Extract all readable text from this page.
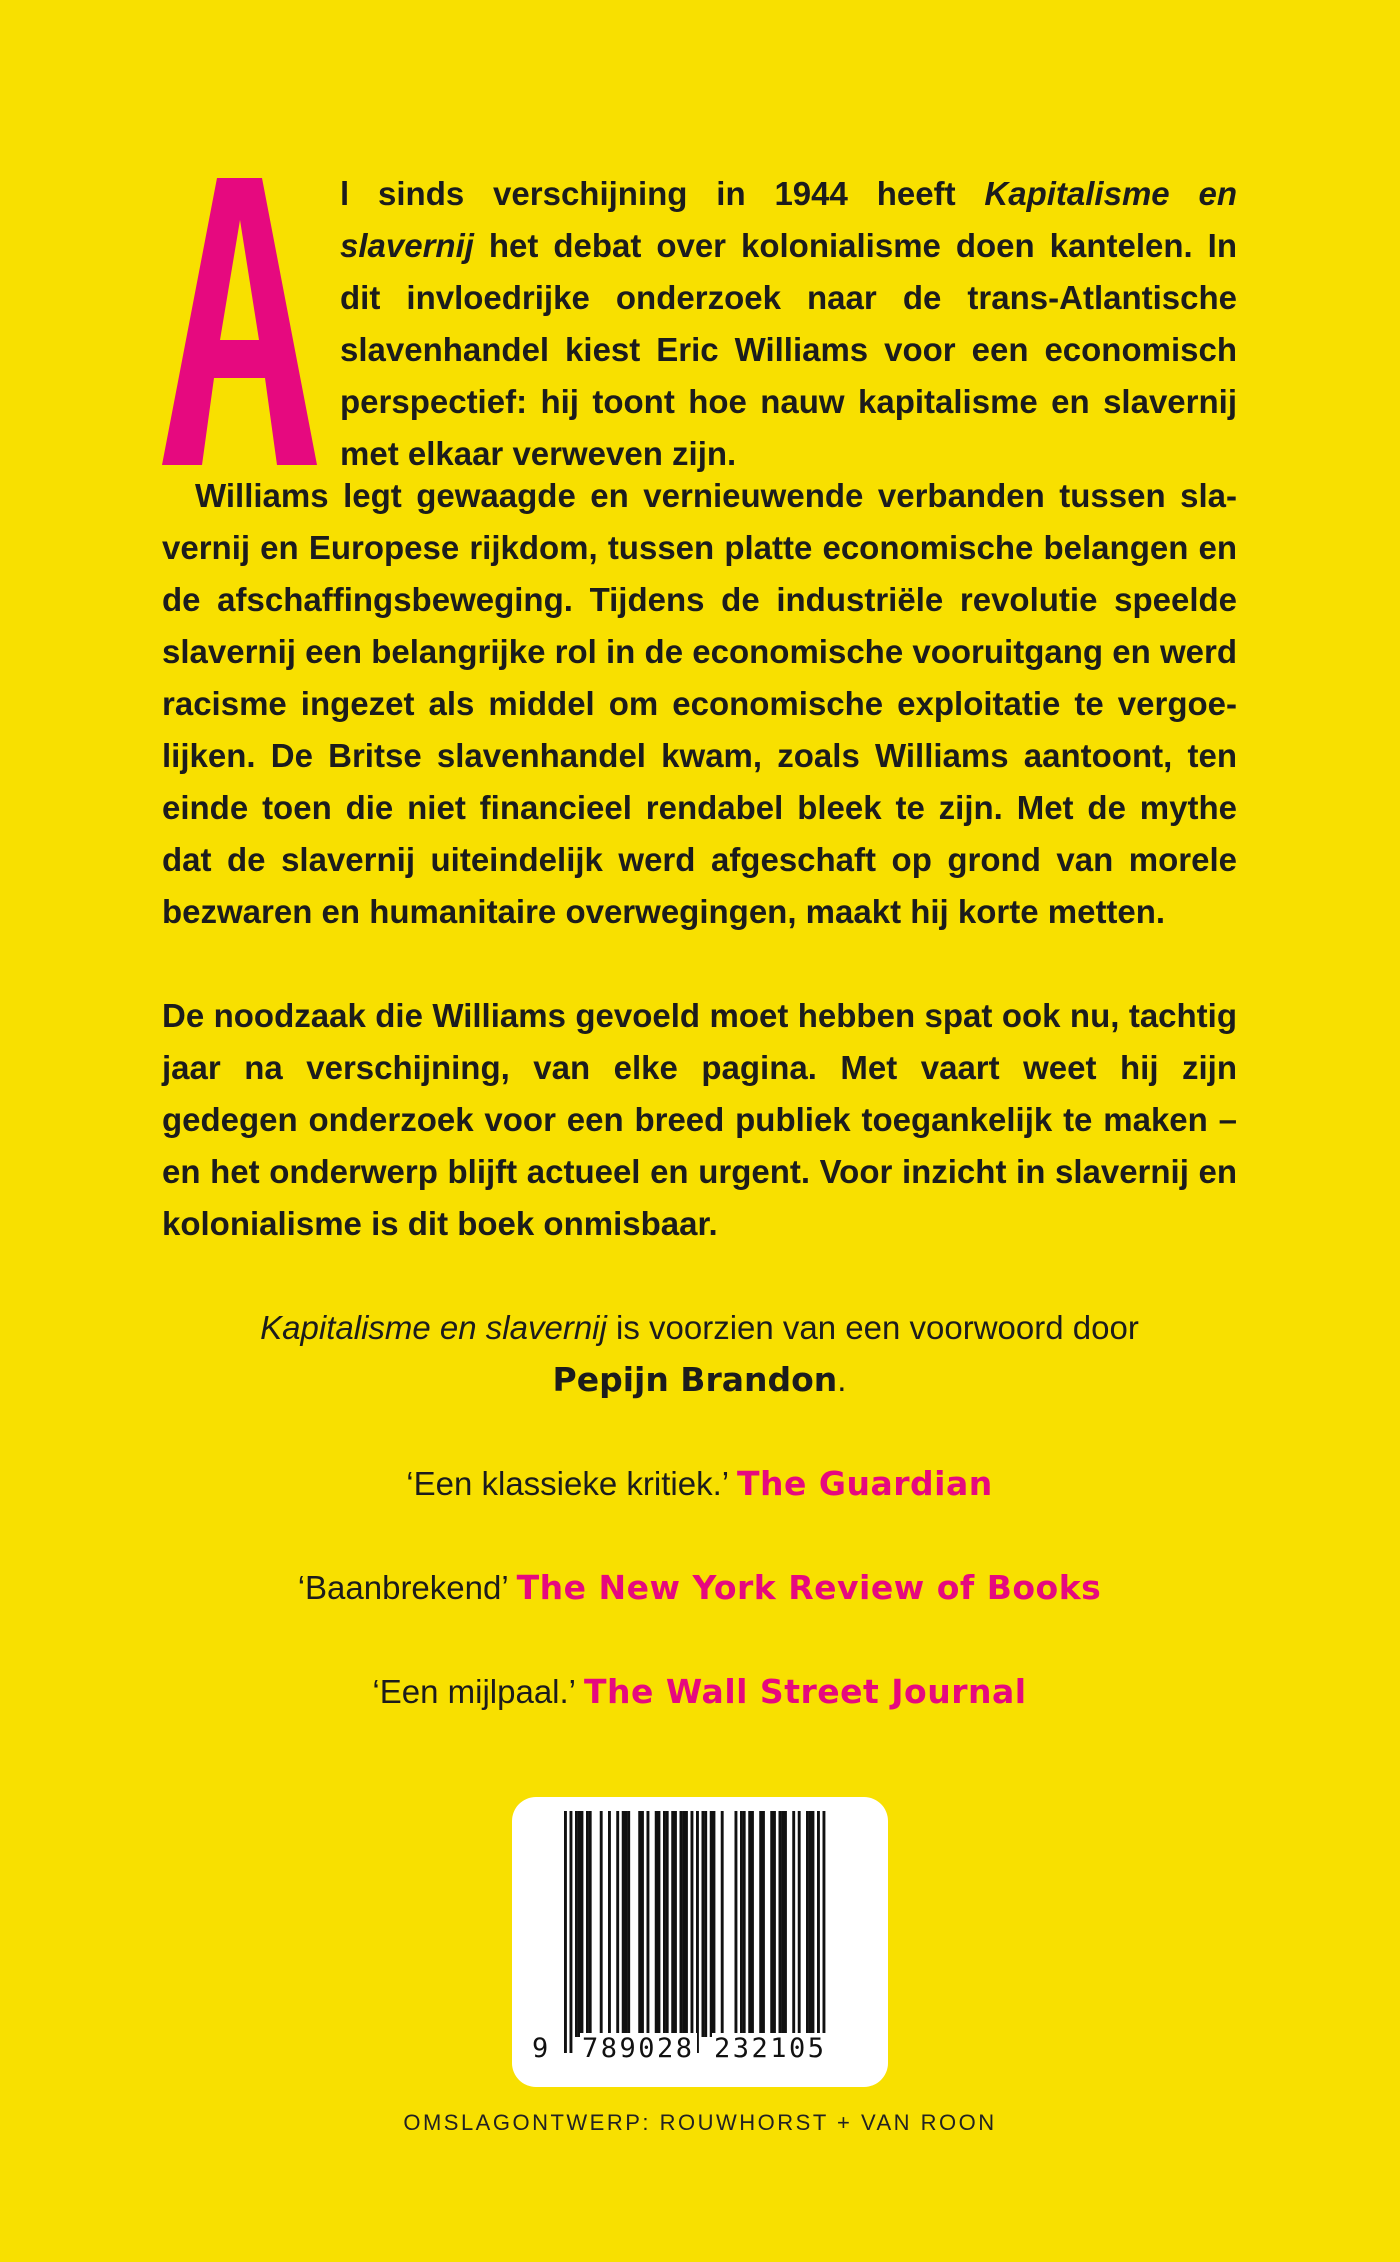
l sinds verschijning in 1944 heeft Kapitalisme en slavernij het debat over kolonialisme doen kantelen. In dit invloedrijke onderzoek naar de trans-Atlantische slavenhandel kiest Eric Williams voor een economisch perspectief: hij toont hoe nauw kapitalisme en slavernij met elkaar verweven zijn.

Williams legt gewaagde en vernieuwende verbanden tussen slavernij en Europese rijkdom, tussen platte economische belangen en de afschaffingsbeweging. Tijdens de industriële revolutie speelde slavernij een belangrijke rol in de economische vooruitgang en werd racisme ingezet als middel om economische exploitatie te vergoelijken. De Britse slavenhandel kwam, zoals Williams aantoont, ten einde toen die niet financieel rendabel bleek te zijn. Met de mythe dat de slavernij uiteindelijk werd afgeschaft op grond van morele bezwaren en humanitaire overwegingen, maakt hij korte metten.

De noodzaak die Williams gevoeld moet hebben spat ook nu, tachtig jaar na verschijning, van elke pagina. Met vaart weet hij zijn gedegen onderzoek voor een breed publiek toegankelijk te maken – en het onderwerp blijft actueel en urgent. Voor inzicht in slavernij en kolonialisme is dit boek onmisbaar.

Kapitalisme en slavernij is voorzien van een voorwoord door
Pepijn Brandon.
‘Een klassieke kritiek.’ The Guardian
‘Baanbrekend’ The New York Review of Books
‘Een mijlpaal.’ The Wall Street Journal
9 789028 232105
OMSLAGONTWERP: ROUWHORST + VAN ROON
